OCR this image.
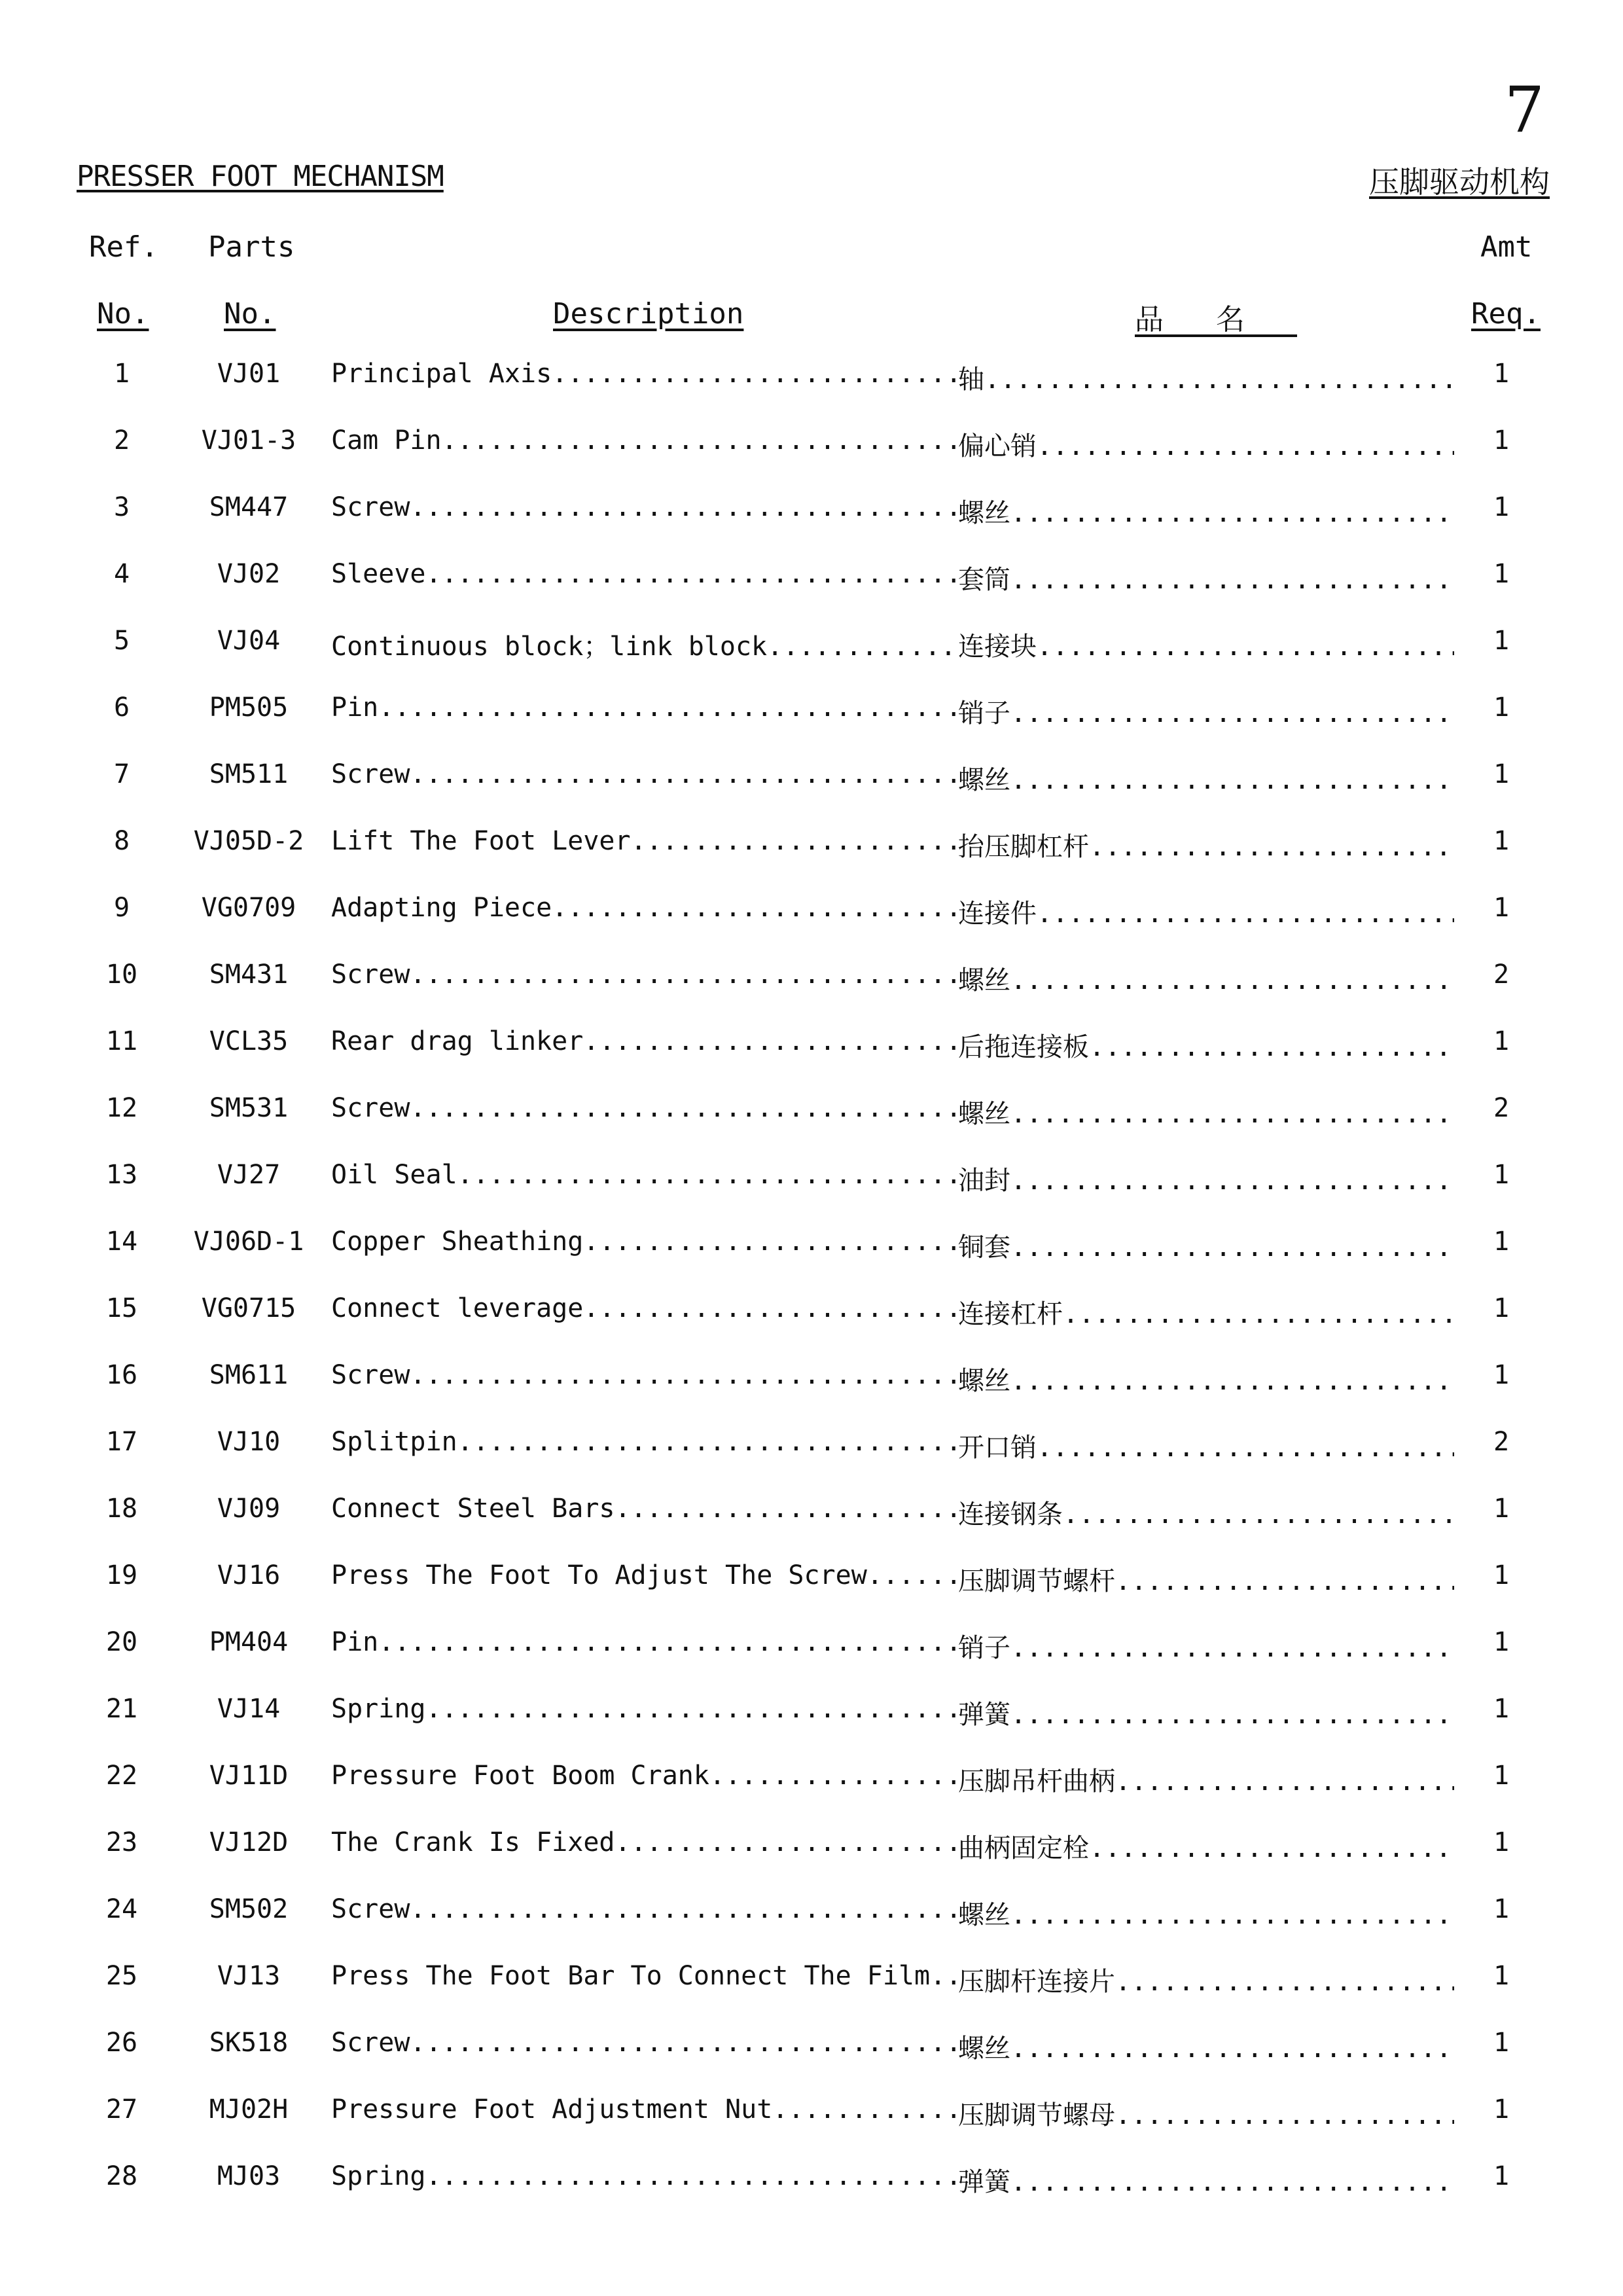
7
PRESSER FOOT MECHANISM	压脚驱动机构
Ref. Parts	Amt
No.	No.	Description	品名	Req.
1	VJ01	Principal Axis .....	轴 .....	1
2	VJ01-3	Cam Pin .....	偏心销 .....	1
3	SM447	Screw .....	螺丝 .....	1
4	VJ02	Sleeve .....	套筒 .....	1
5	VJ04	Continuous block；link block .....	连接块 .....	1
6	PM505	Pin .....	销子 .....	1
7	SM511	Screw .....	螺丝 .....	1
8	VJ05D-2 Lift The Foot Lever .....	抬压脚杠杆 .....	1
9	VG0709	Adapting Piece .....	连接件 .....	1
10	SM431	Screw .....	螺丝 .....	2
11	VCL35	Rear drag linker .....	后拖连接板 .....	1
12	SM531	Screw .....	螺丝 .....	2
13	VJ27	Oil Seal .....	油封 .....	1
14	VJ06D-1 Copper Sheathing .....	铜套 .....	1
15	VG0715	Connect leverage .....	连接杠杆 .....	1
16	SM611	Screw .....	螺丝 .....	1
17	VJ10	Splitpin .....	开口销 .....	2
18	VJ09	Connect Steel Bars .....	连接钢条 .....	1
19	VJ16	Press The Foot To Adjust The Screw .....	压脚调节螺杆 .....	1
20	PM404	Pin .....	销子 .....	1
21	VJ14	Spring .....	弹簧 .....	1
22	VJ11D	Pressure Foot Boom Crank .....	压脚吊杆曲柄 .....	1
23	VJ12D	The Crank Is Fixed .....	曲柄固定栓 .....	1
24	SM502	Screw .....	螺丝 .....	1
25	VJ13	Press The Foot Bar To Connect The Film .....	压脚杆连接片 .....	1
26	SK518	Screw .....	螺丝 .....	1
27	MJ02H	Pressure Foot Adjustment Nut .....	压脚调节螺母 .....	1
28	MJ03	Spring .....	弹簧 .....	1
